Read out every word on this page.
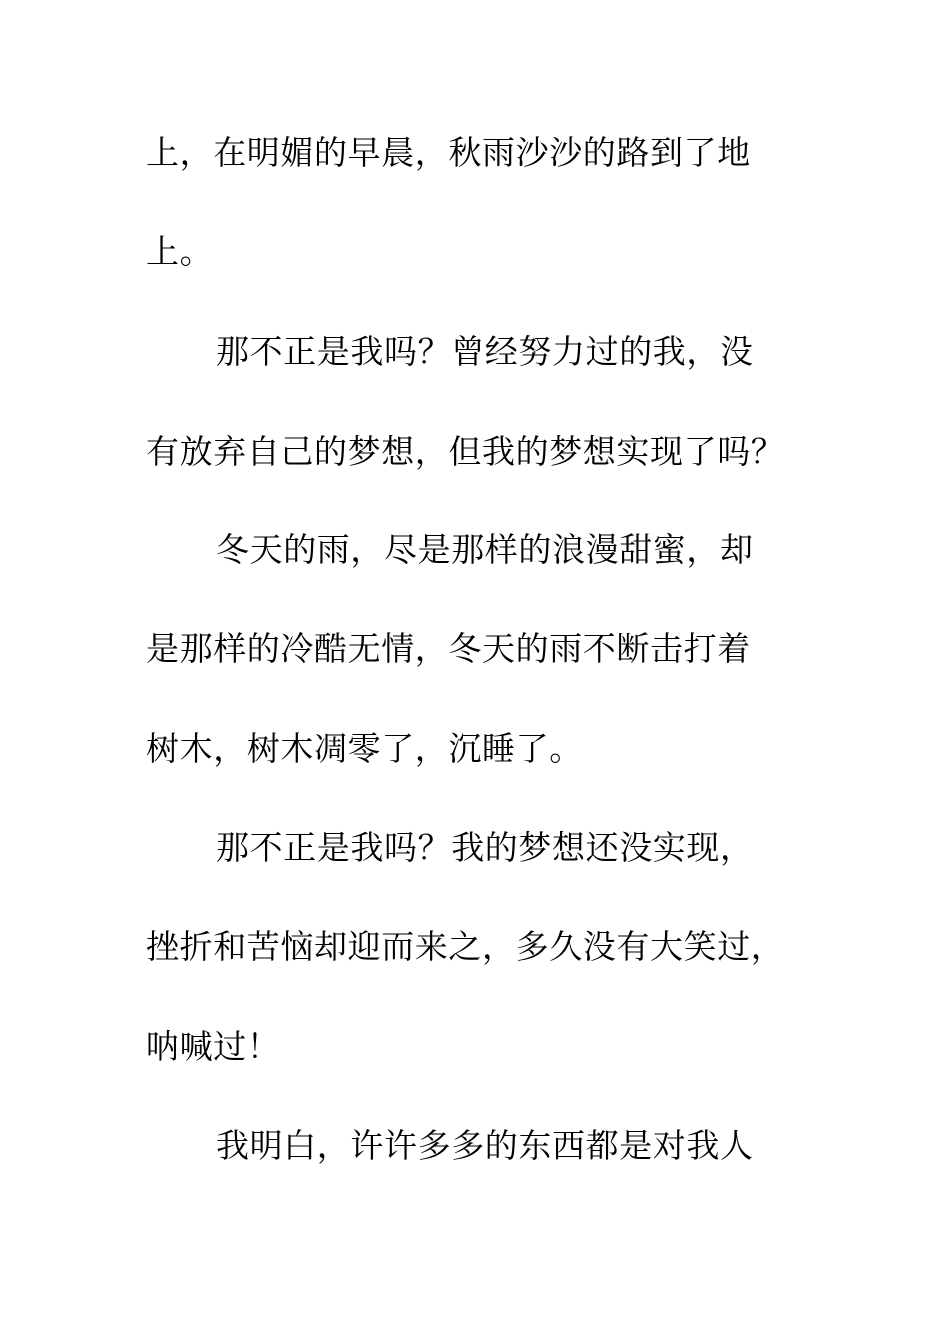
上，在明媚的早晨，秋雨沙沙的路到了地
上。
那不正是我吗？曾经努力过的我，没
有放弃自己的梦想，但我的梦想实现了吗？
冬天的雨，尽是那样的浪漫甜蜜，却
是那样的冷酷无情，冬天的雨不断击打着
树木，树木凋零了，沉睡了。
那不正是我吗？我的梦想还没实现，
挫折和苦恼却迎而来之，多久没有大笑过，
呐喊过！
我明白，许许多多的东西都是对我人
